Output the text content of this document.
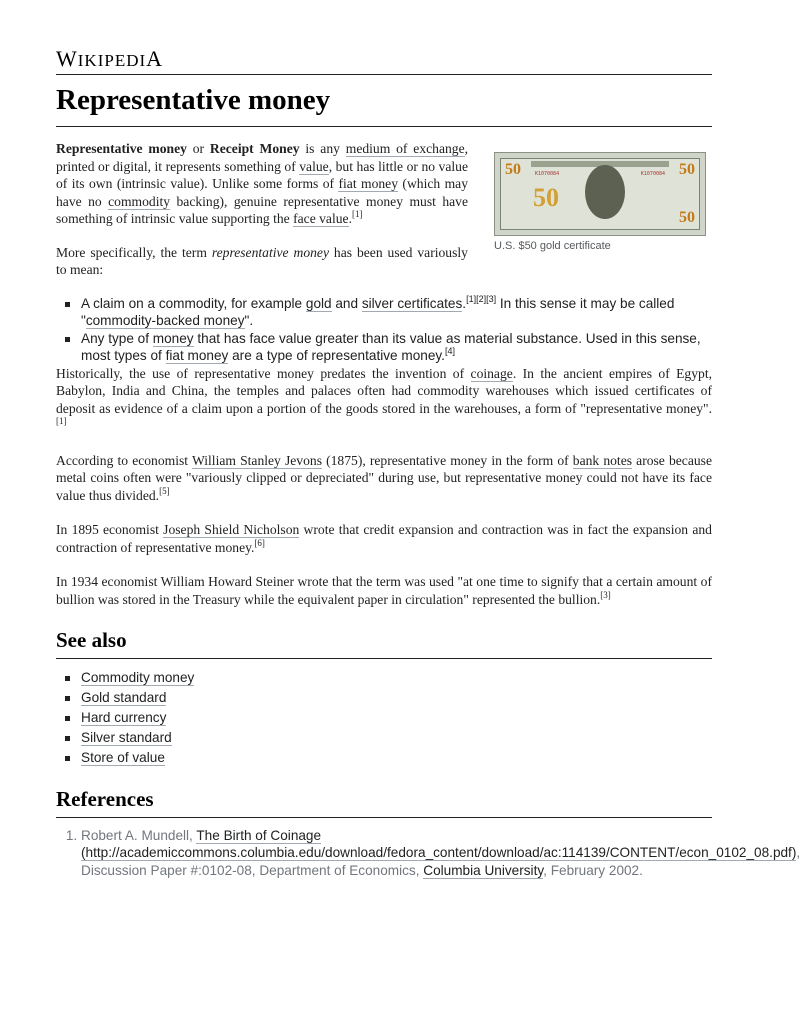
WIKIPEDIA
Representative money
50	50
50
50
K1070084	K1070084
U.S. $50 gold certificate

Representative money or Receipt Money is any medium of exchange, printed or digital, it represents something of value, but has little or no value of its own (intrinsic value). Unlike some forms of fiat money (which may have no commodity backing), genuine representative money must have something of intrinsic value supporting the face value.[1]

More specifically, the term representative money has been used variously to mean:

A claim on a commodity, for example gold and silver certificates.[1][2][3] In this sense it may be called "commodity-backed money".
Any type of money that has face value greater than its value as material substance. Used in this sense, most types of fiat money are a type of representative money.[4]

Historically, the use of representative money predates the invention of coinage. In the ancient empires of Egypt, Babylon, India and China, the temples and palaces often had commodity warehouses which issued certificates of deposit as evidence of a claim upon a portion of the goods stored in the warehouses, a form of "representative money".[1]

According to economist William Stanley Jevons (1875), representative money in the form of bank notes arose because metal coins often were "variously clipped or depreciated" during use, but representative money could not have its face value thus divided.[5]

In 1895 economist Joseph Shield Nicholson wrote that credit expansion and contraction was in fact the expansion and contraction of representative money.[6]

In 1934 economist William Howard Steiner wrote that the term was used "at one time to signify that a certain amount of bullion was stored in the Treasury while the equivalent paper in circulation" represented the bullion.[3]

See also
Commodity money
Gold standard
Hard currency
Silver standard
Store of value
References
1. Robert A. Mundell, The Birth of Coinage (http://academiccommons.columbia.edu/download/fedora_content/download/ac:114139/CONTENT/econ_0102_08.pdf), Discussion Paper #:0102-08, Department of Economics, Columbia University, February 2002.
